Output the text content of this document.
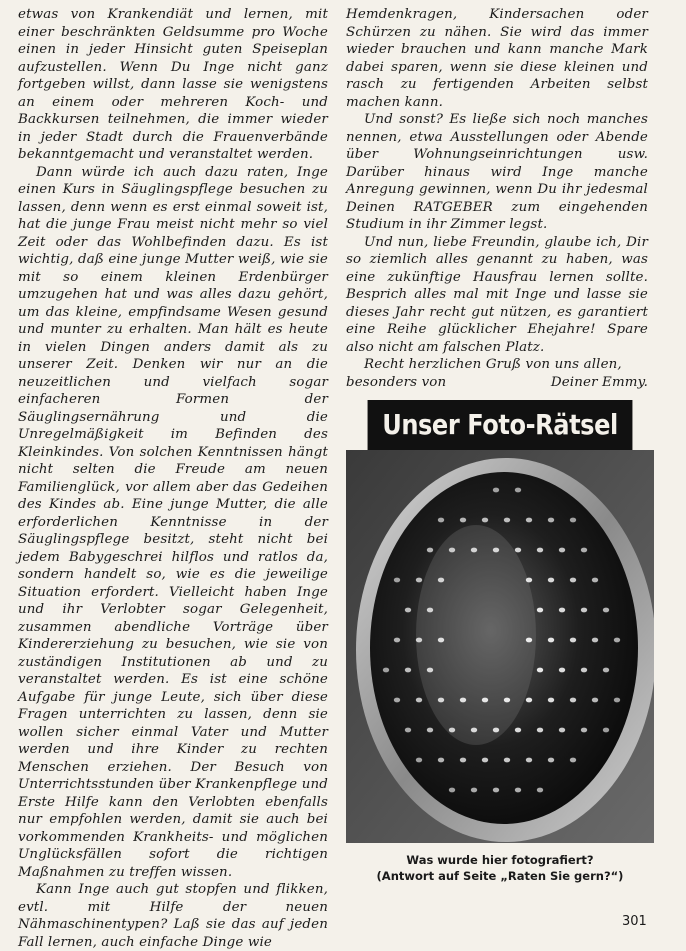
etwas von Krankendiät und lernen, mit einer beschränkten Geldsumme pro Woche einen in jeder Hinsicht guten Speiseplan aufzustellen. Wenn Du Inge nicht ganz fortgeben willst, dann lasse sie wenigstens an einem oder mehreren Koch- und Backkursen teilnehmen, die immer wieder in jeder Stadt durch die Frauenverbände bekanntgemacht und veranstaltet werden.

Dann würde ich auch dazu raten, Inge einen Kurs in Säuglingspflege besuchen zu lassen, denn wenn es erst einmal soweit ist, hat die junge Frau meist nicht mehr so viel Zeit oder das Wohlbefinden dazu. Es ist wichtig, daß eine junge Mutter weiß, wie sie mit so einem kleinen Erdenbürger umzugehen hat und was alles dazu gehört, um das kleine, empfindsame Wesen gesund und munter zu erhalten. Man hält es heute in vielen Dingen anders damit als zu unserer Zeit. Denken wir nur an die neuzeitlichen und vielfach sogar einfacheren Formen der Säuglingsernährung und die Unregelmäßigkeit im Befinden des Kleinkindes. Von solchen Kenntnissen hängt nicht selten die Freude am neuen Familienglück, vor allem aber das Gedeihen des Kindes ab. Eine junge Mutter, die alle erforderlichen Kenntnisse in der Säuglingspflege besitzt, steht nicht bei jedem Babygeschrei hilflos und ratlos da, sondern handelt so, wie es die jeweilige Situation erfordert. Vielleicht haben Inge und ihr Verlobter sogar Gelegenheit, zusammen abendliche Vorträge über Kindererziehung zu besuchen, wie sie von zuständigen Institutionen ab und zu veranstaltet werden. Es ist eine schöne Aufgabe für junge Leute, sich über diese Fragen unterrichten zu lassen, denn sie wollen sicher einmal Vater und Mutter werden und ihre Kinder zu rechten Menschen erziehen. Der Besuch von Unterrichtsstunden über Krankenpflege und Erste Hilfe kann den Verlobten ebenfalls nur empfohlen werden, damit sie auch bei vorkommenden Krankheits- und möglichen Unglücksfällen sofort die richtigen Maßnahmen zu treffen wissen.

Kann Inge auch gut stopfen und flikken, evtl. mit Hilfe der neuen Nähmaschinentypen? Laß sie das auf jeden Fall lernen, auch einfache Dinge wie

Hemdenkragen, Kindersachen oder Schürzen zu nähen. Sie wird das immer wieder brauchen und kann manche Mark dabei sparen, wenn sie diese kleinen und rasch zu fertigenden Arbeiten selbst machen kann.

Und sonst? Es ließe sich noch manches nennen, etwa Ausstellungen oder Abende über Wohnungseinrichtungen usw. Darüber hinaus wird Inge manche Anregung gewinnen, wenn Du ihr jedesmal Deinen RATGEBER zum eingehenden Studium in ihr Zimmer legst.

Und nun, liebe Freundin, glaube ich, Dir so ziemlich alles genannt zu haben, was eine zukünftige Hausfrau lernen sollte. Bespriсh alles mal mit Inge und lasse sie dieses Jahr recht gut nützen, es garantiert eine Reihe glücklicher Ehejahre! Spare also nicht am falschen Platz.

Recht herzlichen Gruß von uns allen,

besonders von	Deiner Emmy.
Unser Foto-Rätsel
Was wurde hier fotografiert?
(Antwort auf Seite „Raten Sie gern?“)
301
